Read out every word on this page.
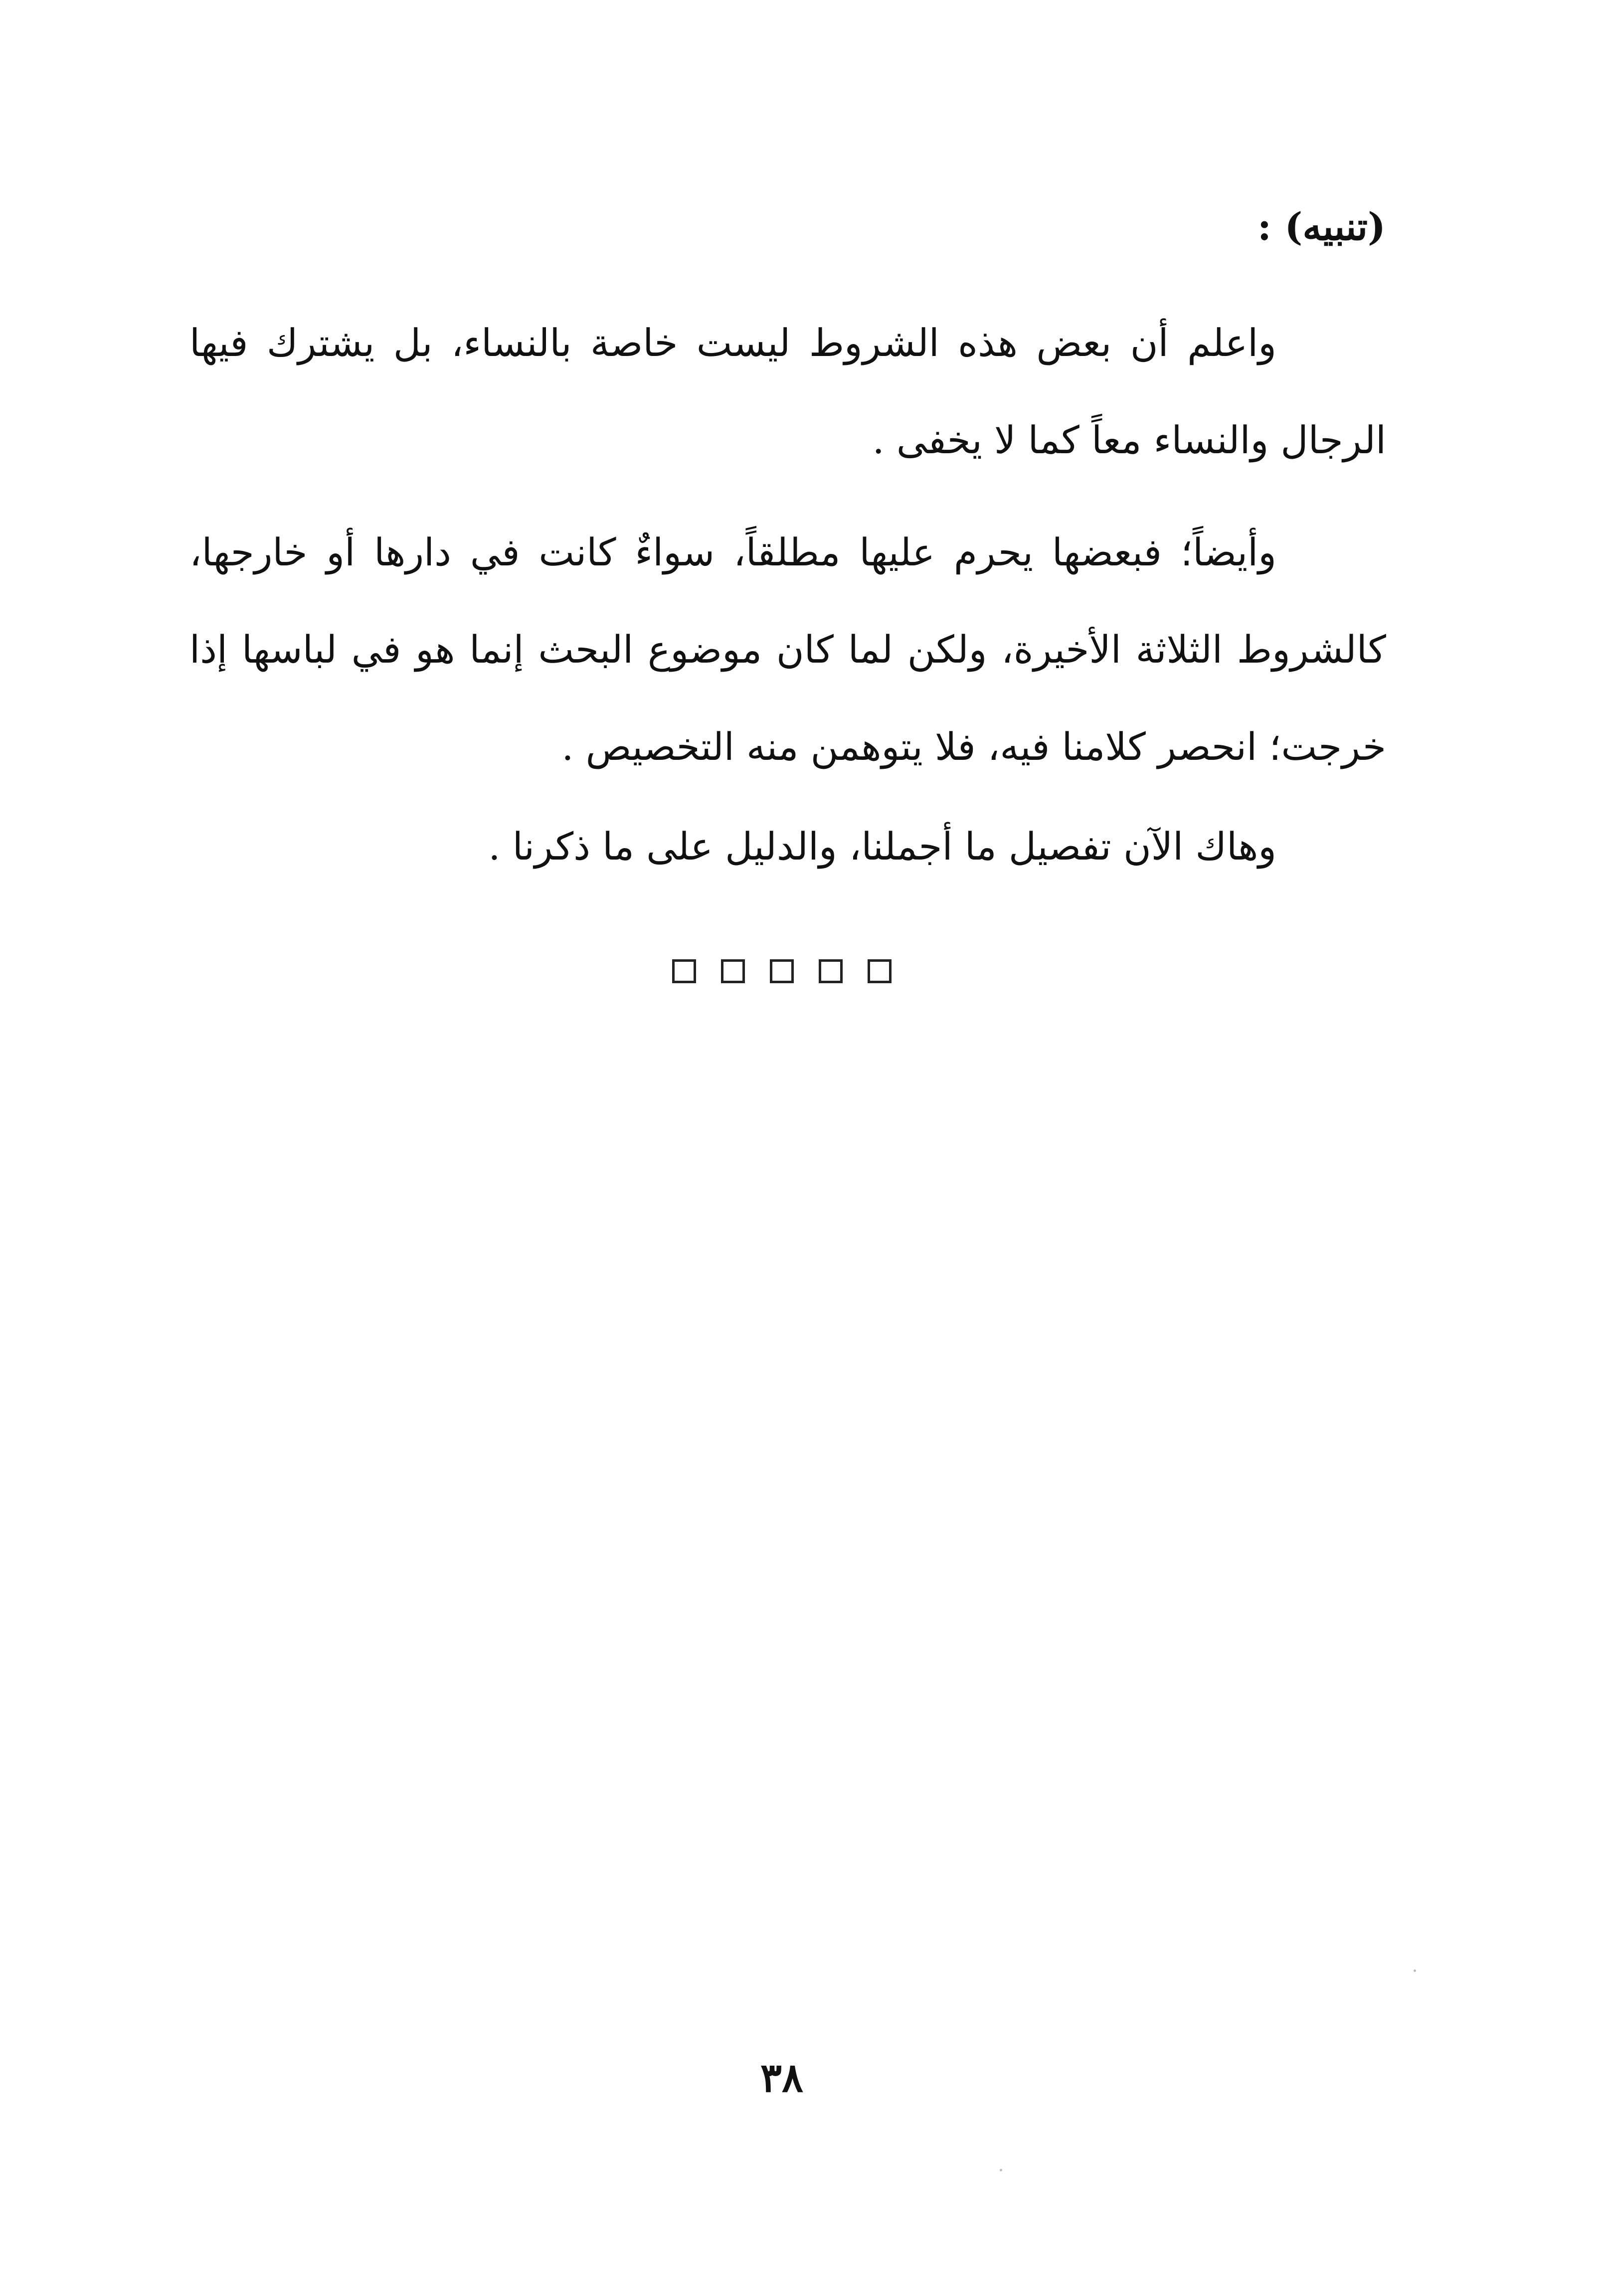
(تنبيه) :

واعلم أن بعض هذه الشروط ليست خاصة بالنساء، بل يشترك فيها الرجال والنساء معاً كما لا يخفى .

وأيضاً؛ فبعضها يحرم عليها مطلقاً، سواءٌ كانت في دارها أو خارجها، كالشروط الثلاثة الأخيرة، ولكن لما كان موضوع البحث إنما هو في لباسها إذا خرجت؛ انحصر كلامنا فيه، فلا يتوهمن منه التخصيص .

وهاك الآن تفصيل ما أجملنا، والدليل على ما ذكرنا .

٣٨
